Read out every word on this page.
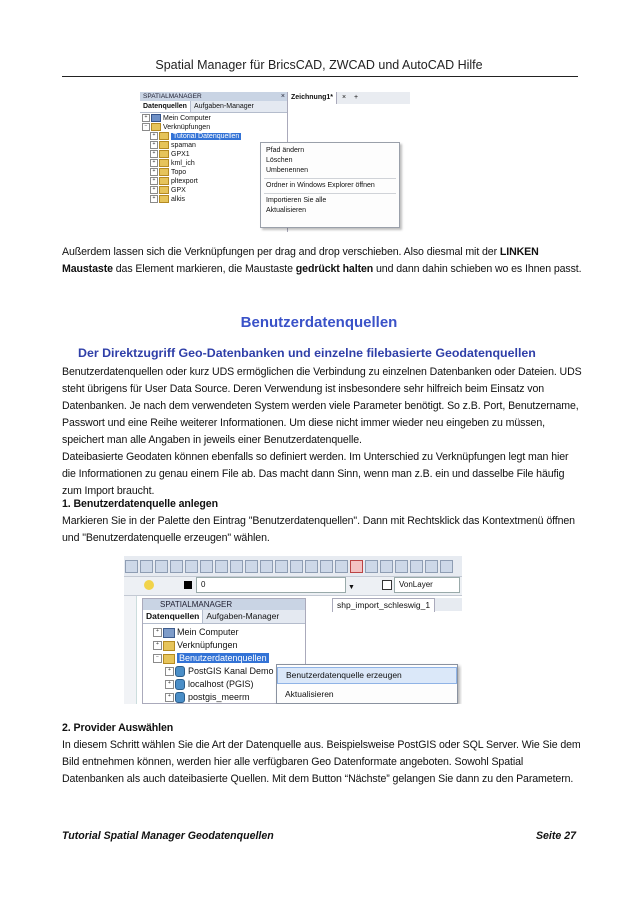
Spatial Manager für BricsCAD, ZWCAD und AutoCAD Hilfe
SPATIALMANAGER	×
Datenquellen Aufgaben-Manager
+ Mein Computer
− Verknüpfungen
+	Tutorial Datenquellen
+ spaman
+ GPX1
+ kml_ich
+ Topo
+ pltexport
+ GPX
+ alkis
Zeichnung1* × +
Pfad ändern
Löschen
Umbenennen
Ordner in Windows Explorer öffnen
Importieren Sie alle
Aktualisieren

Außerdem lassen sich die Verknüpfungen per drag and drop verschieben. Also diesmal mit der LINKEN Maustaste das Element markieren, die Maustaste gedrückt halten und dann dahin schieben wo es Ihnen passt.

Benutzerdatenquellen
Der Direktzugriff Geo-Datenbanken und einzelne filebasierte Geodatenquellen

Benutzerdatenquellen oder kurz UDS ermöglichen die Verbindung zu einzelnen Datenbanken oder Dateien. UDS steht übrigens für User Data Source. Deren Verwendung ist insbesondere sehr hilfreich beim Einsatz von Datenbanken. Je nach dem verwendeten System werden viele Parameter benötigt. So z.B. Port, Benutzername, Passwort und eine Reihe weiterer Informationen. Um diese nicht immer wieder neu eingeben zu müssen, speichert man alle Angaben in jeweils einer Benutzerdatenquelle.

Dateibasierte Geodaten können ebenfalls so definiert werden. Im Unterschied zu Verknüpfungen legt man hier die Informationen zu genau einem File ab. Das macht dann Sinn, wenn man z.B. ein und dasselbe File häufig zum Import braucht.

1. Benutzerdatenquelle anlegen

Markieren Sie in der Palette den Eintrag "Benutzerdatenquellen". Dann mit Rechtsklick das Kontextmenü öffnen und "Benutzerdatenquelle erzeugen" wählen.

0	▼	VonLayer
SPATIALMANAGER
Datenquellen Aufgaben-Manager
+ Mein Computer
+ Verknüpfungen
− Benutzerdatenquellen
+ PostGIS Kanal Demo
+ localhost (PGIS)
+ postgis_meerm
shp_import_schleswig_1
Benutzerdatenquelle erzeugen
Aktualisieren

2. Provider Auswählen

In diesem Schritt wählen Sie die Art der Datenquelle aus. Beispielsweise PostGIS oder SQL Server. Wie Sie dem Bild entnehmen können, werden hier alle verfügbaren Geo Datenformate angeboten. Sowohl Spatial Datenbanken als auch dateibasierte Quellen. Mit dem Button “Nächste” gelangen Sie dann zu den Parametern.

Tutorial Spatial Manager Geodatenquellen	Seite 27
